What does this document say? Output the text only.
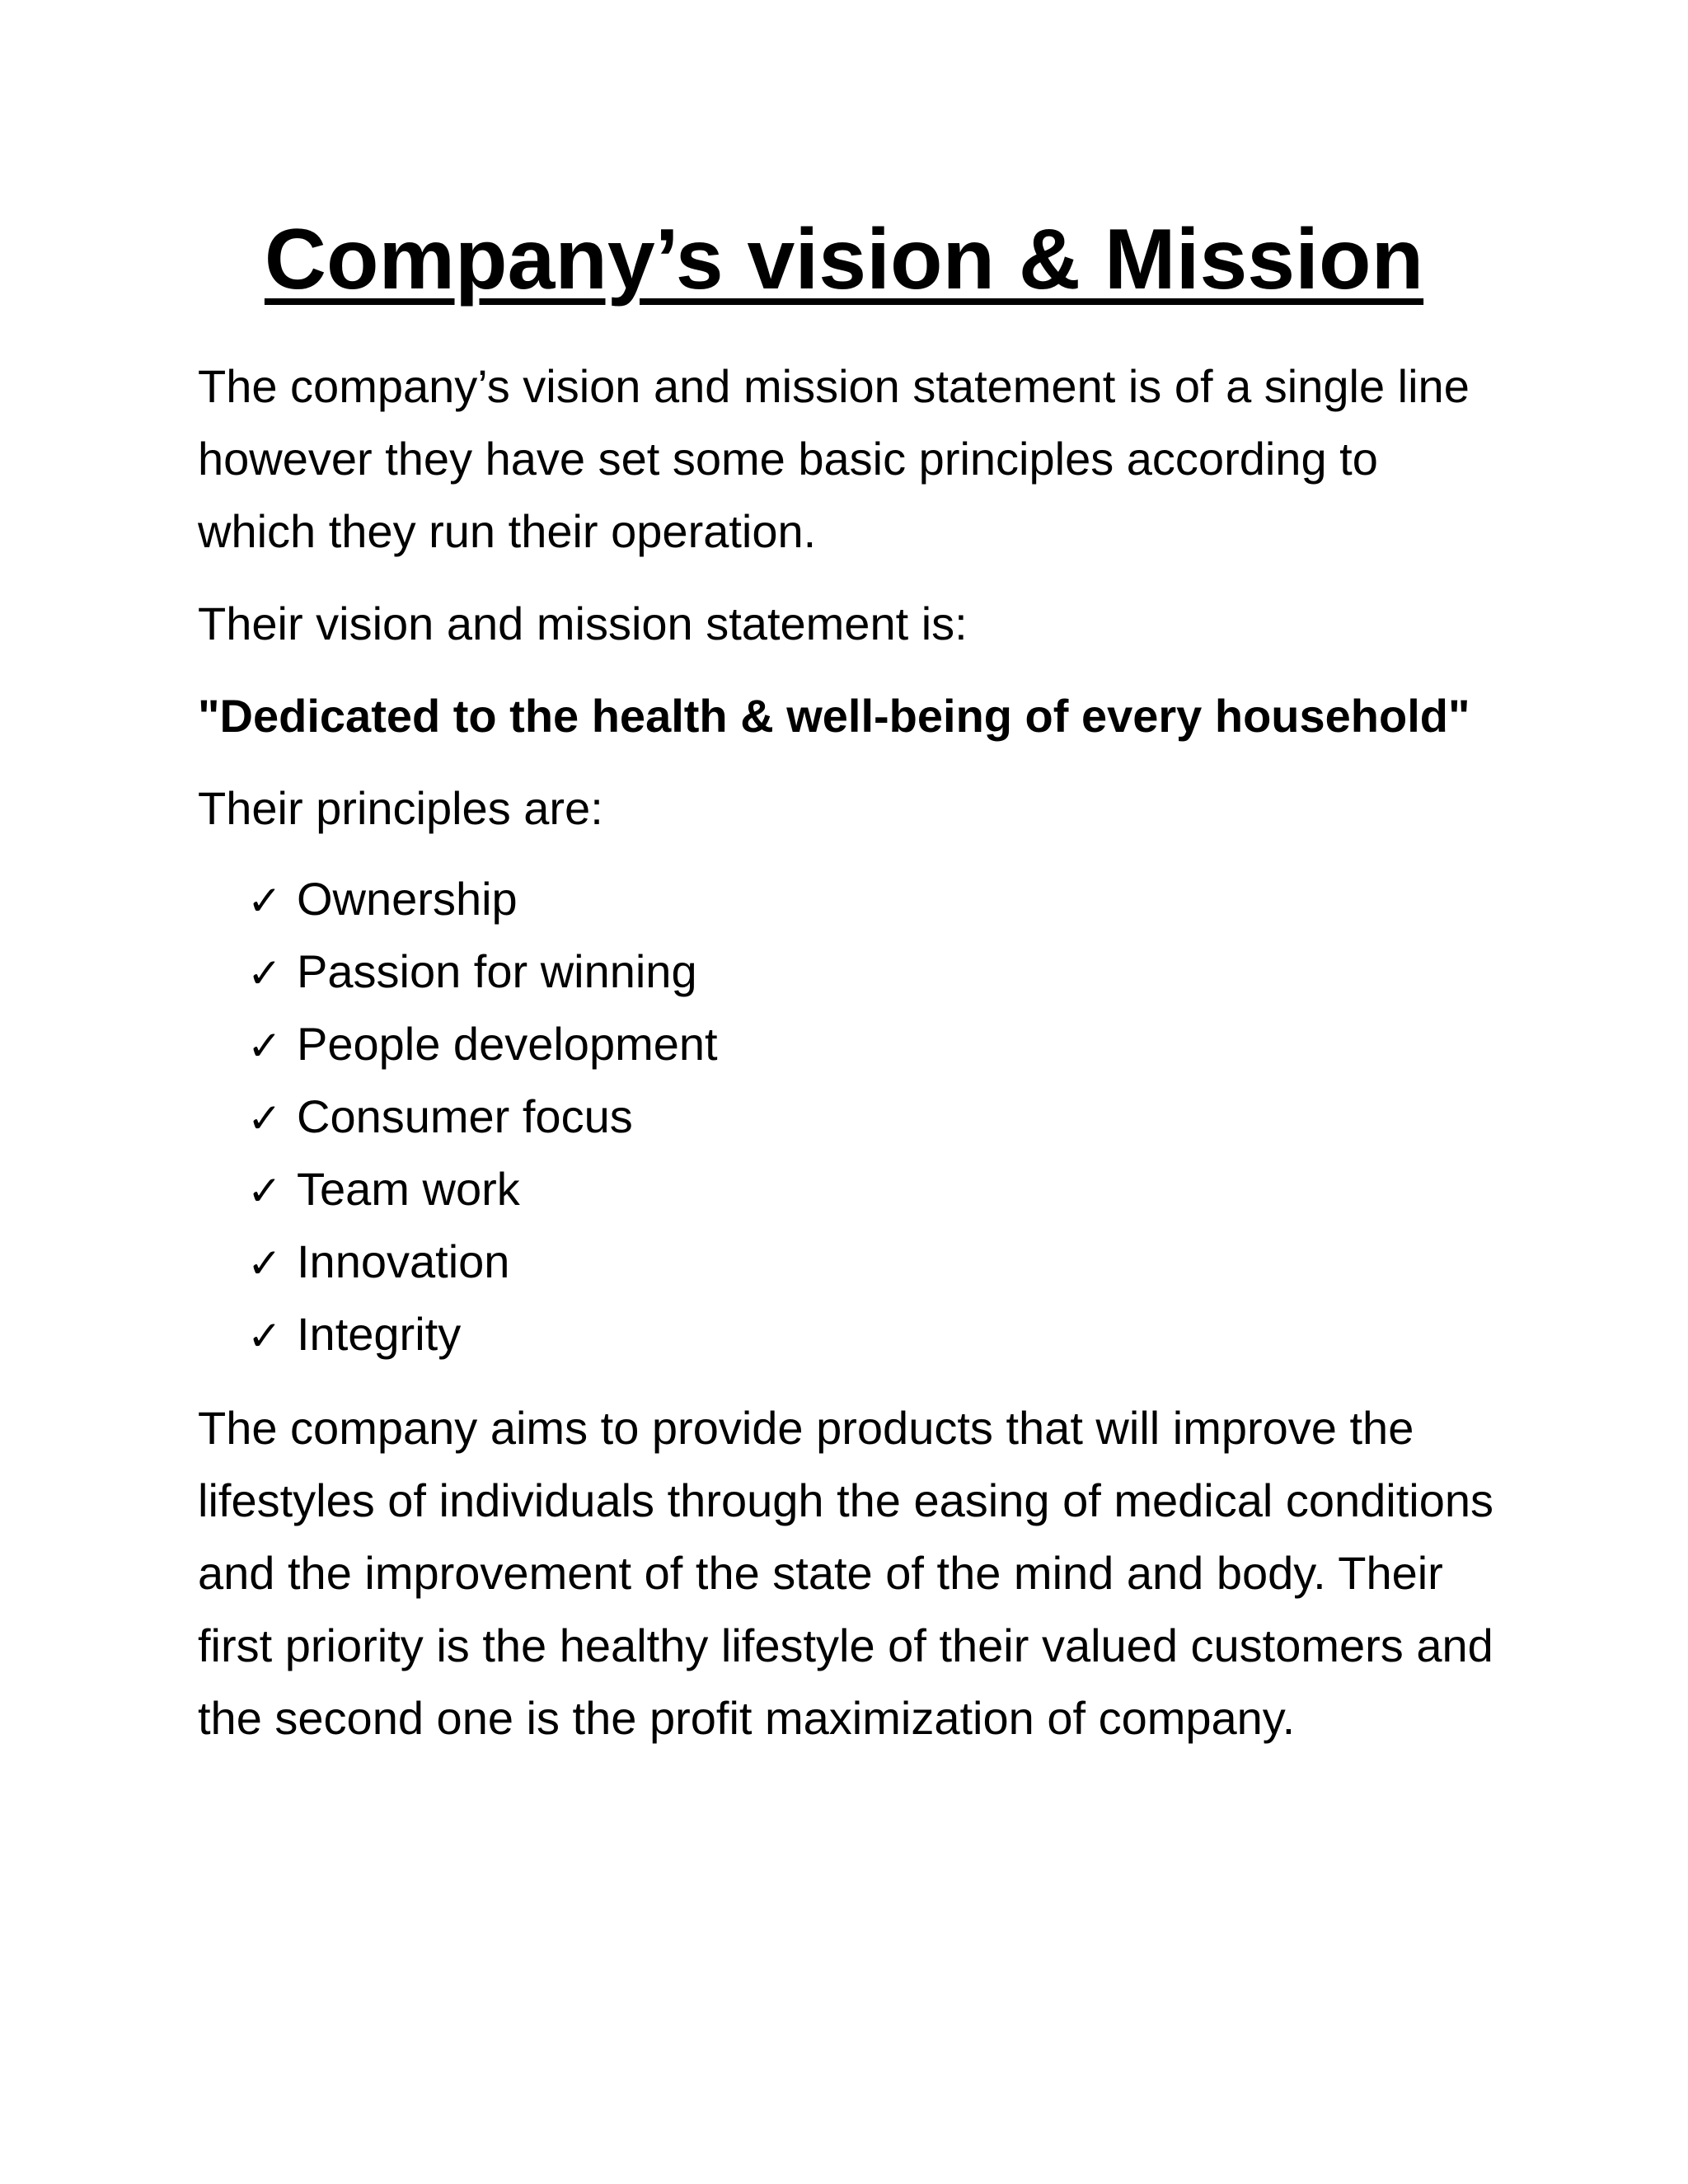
Company’s vision & Mission

The company’s vision and mission statement is of a single line however they have set some basic principles according to which they run their operation.

Their vision and mission statement is:

"Dedicated to the health & well-being of every household"

Their principles are:

✓ Ownership
✓ Passion for winning
✓ People development
✓ Consumer focus
✓ Team work
✓ Innovation
✓ Integrity

The company aims to provide products that will improve the lifestyles of individuals through the easing of medical conditions and the improvement of the state of the mind and body. Their first priority is the healthy lifestyle of their valued customers and the second one is the profit maximization of company.
